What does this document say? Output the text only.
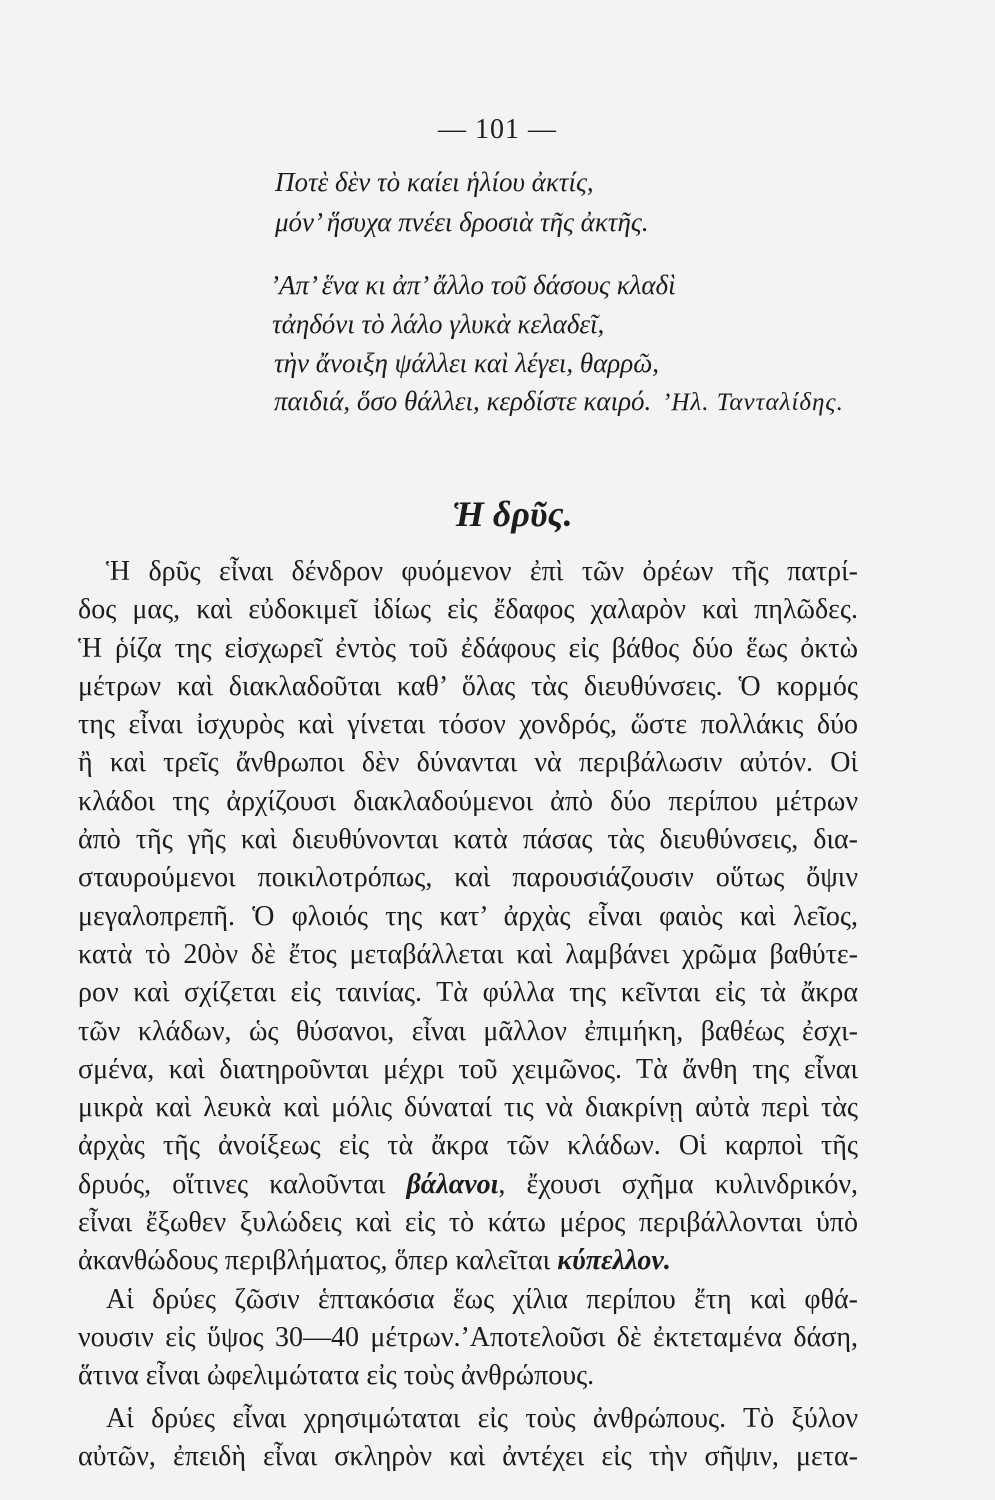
— 101 —
Ποτὲ δὲν τὸ καίει ἡλίου ἀκτίς,
μόν’ ἥσυχα πνέει δροσιὰ τῆς ἀκτῆς.
’Απ’ ἕνα κι ἀπ’ ἄλλο τοῦ δάσους κλαδὶ
τἀηδόνι τὸ λάλο γλυκὰ κελαδεῖ,
τὴν ἄνοιξη ψάλλει καὶ λέγει, θαρρῶ,
παιδιά, ὅσο θάλλει, κερδίστε καιρό. ’Ηλ. Τανταλίδης.
Ἡ δρῦς.
Ἡ δρῦς εἶναι δένδρον φυόμενον ἐπὶ τῶν ὀρέων τῆς πατρί-
δος μας, καὶ εὐδοκιμεῖ ἰδίως εἰς ἔδαφος χαλαρὸν καὶ πηλῶδες.
Ἡ ῥίζα της εἰσχωρεῖ ἐντὸς τοῦ ἐδάφους εἰς βάθος δύο ἕως ὀκτὼ
μέτρων καὶ διακλαδοῦται καθ’ ὅλας τὰς διευθύνσεις. Ὁ κορμός
της εἶναι ἰσχυρὸς καὶ γίνεται τόσον χονδρός, ὥστε πολλάκις δύο
ἢ καὶ τρεῖς ἄνθρωποι δὲν δύνανται νὰ περιβάλωσιν αὐτόν. Οἱ
κλάδοι της ἀρχίζουσι διακλαδούμενοι ἀπὸ δύο περίπου μέτρων
ἀπὸ τῆς γῆς καὶ διευθύνονται κατὰ πάσας τὰς διευθύνσεις, δια-
σταυρούμενοι ποικιλοτρόπως, καὶ παρουσιάζουσιν οὕτως ὄψιν
μεγαλοπρεπῆ. Ὁ φλοιός της κατ’ ἀρχὰς εἶναι φαιὸς καὶ λεῖος,
κατὰ τὸ 20ὸν δὲ ἔτος μεταβάλλεται καὶ λαμβάνει χρῶμα βαθύτε-
ρον καὶ σχίζεται εἰς ταινίας. Τὰ φύλλα της κεῖνται εἰς τὰ ἄκρα
τῶν κλάδων, ὡς θύσανοι, εἶναι μᾶλλον ἐπιμήκη, βαθέως ἐσχι-
σμένα, καὶ διατηροῦνται μέχρι τοῦ χειμῶνος. Τὰ ἄνθη της εἶναι
μικρὰ καὶ λευκὰ καὶ μόλις δύναταί τις νὰ διακρίνῃ αὐτὰ περὶ τὰς
ἀρχὰς τῆς ἀνοίξεως εἰς τὰ ἄκρα τῶν κλάδων. Οἱ καρποὶ τῆς
δρυός, οἵτινες καλοῦνται βάλανοι, ἔχουσι σχῆμα κυλινδρικόν,
εἶναι ἔξωθεν ξυλώδεις καὶ εἰς τὸ κάτω μέρος περιβάλλονται ὑπὸ
ἀκανθώδους περιβλήματος, ὅπερ καλεῖται κύπελλον.
Αἱ δρύες ζῶσιν ἑπτακόσια ἕως χίλια περίπου ἔτη καὶ φθά-
νουσιν εἰς ὕψος 30—40 μέτρων.’Αποτελοῦσι δὲ ἐκτεταμένα δάση,
ἅτινα εἶναι ὠφελιμώτατα εἰς τοὺς ἀνθρώπους.
Αἱ δρύες εἶναι χρησιμώταται εἰς τοὺς ἀνθρώπους. Τὸ ξύλον
αὐτῶν, ἐπειδὴ εἶναι σκληρὸν καὶ ἀντέχει εἰς τὴν σῆψιν, μετα-
